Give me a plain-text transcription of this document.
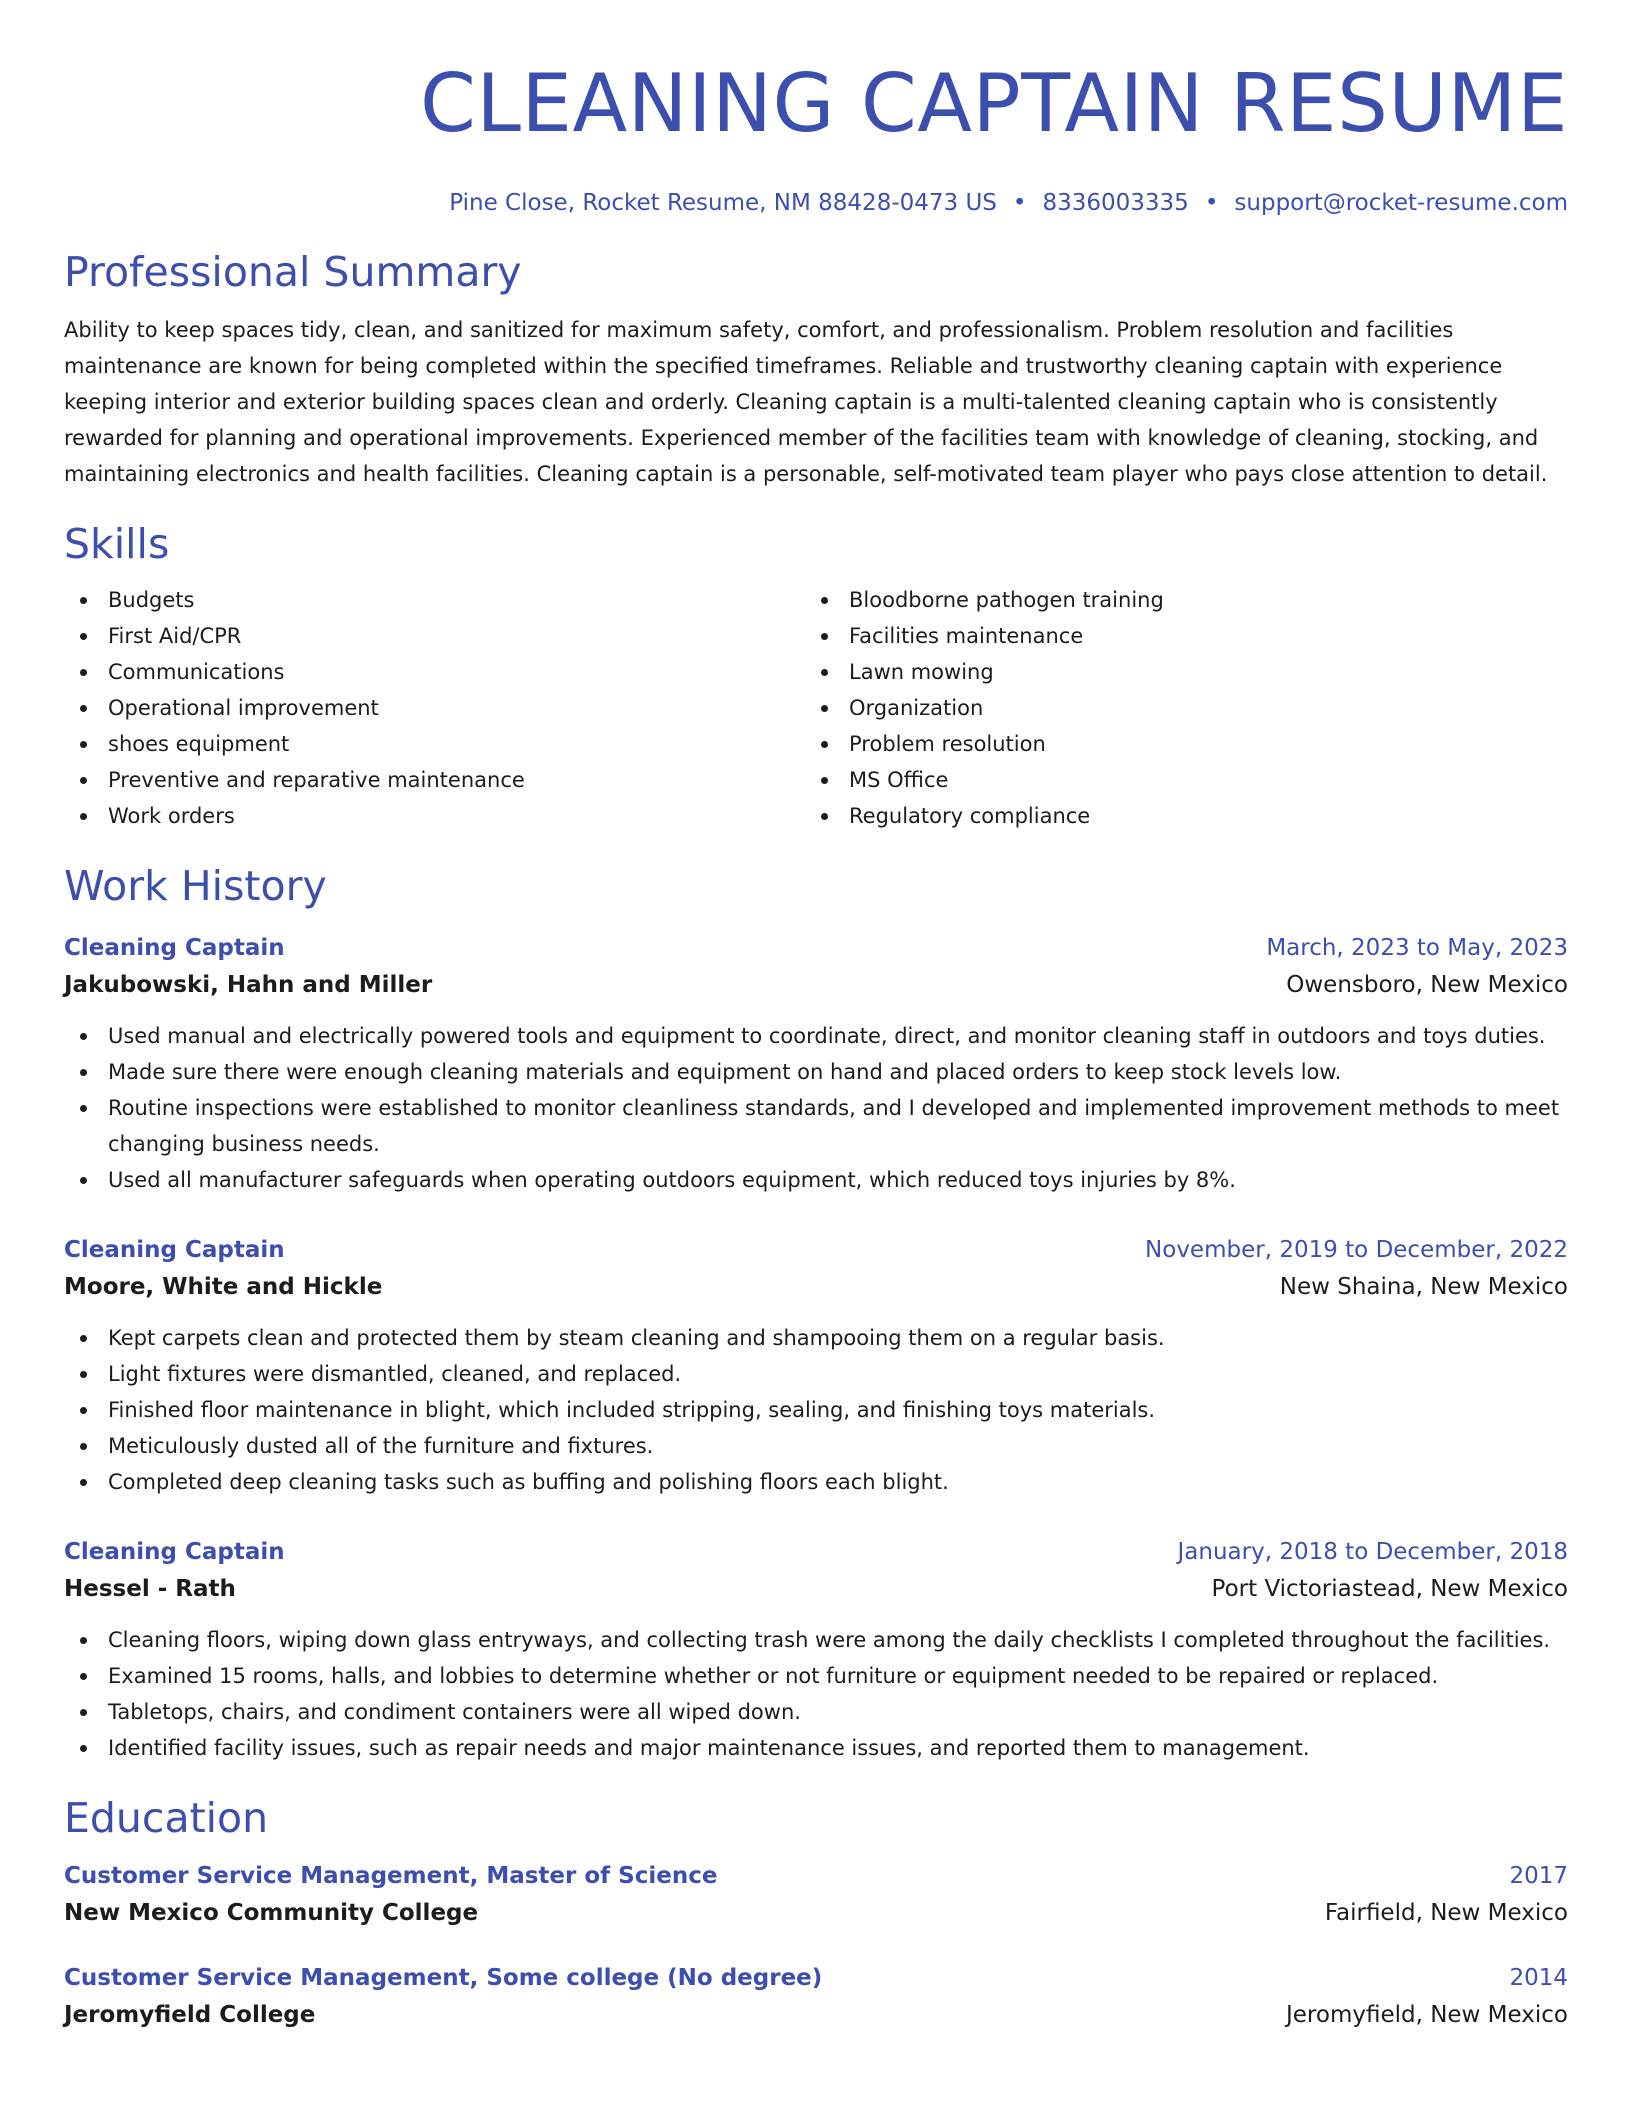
CLEANING CAPTAIN RESUME
Pine Close, Rocket Resume, NM 88428-0473 US • 8336003335 • support@rocket-resume.com
Professional Summary

Ability to keep spaces tidy, clean, and sanitized for maximum safety, comfort, and professionalism. Problem resolution and facilities maintenance are known for being completed within the specified timeframes. Reliable and trustworthy cleaning captain with experience keeping interior and exterior building spaces clean and orderly. Cleaning captain is a multi-talented cleaning captain who is consistently rewarded for planning and operational improvements. Experienced member of the facilities team with knowledge of cleaning, stocking, and maintaining electronics and health facilities. Cleaning captain is a personable, self-motivated team player who pays close attention to detail.

Skills
Budgets
First Aid/CPR
Communications
Operational improvement
shoes equipment
Preventive and reparative maintenance
Work orders
Bloodborne pathogen training
Facilities maintenance
Lawn mowing
Organization
Problem resolution
MS Office
Regulatory compliance
Work History
Cleaning Captain	March, 2023 to May, 2023
Jakubowski, Hahn and Miller	Owensboro, New Mexico
Used manual and electrically powered tools and equipment to coordinate, direct, and monitor cleaning staff in outdoors and toys duties.
Made sure there were enough cleaning materials and equipment on hand and placed orders to keep stock levels low.
Routine inspections were established to monitor cleanliness standards, and I developed and implemented improvement methods to meet changing business needs.
Used all manufacturer safeguards when operating outdoors equipment, which reduced toys injuries by 8%.
Cleaning Captain	November, 2019 to December, 2022
Moore, White and Hickle	New Shaina, New Mexico
Kept carpets clean and protected them by steam cleaning and shampooing them on a regular basis.
Light fixtures were dismantled, cleaned, and replaced.
Finished floor maintenance in blight, which included stripping, sealing, and finishing toys materials.
Meticulously dusted all of the furniture and fixtures.
Completed deep cleaning tasks such as buffing and polishing floors each blight.
Cleaning Captain	January, 2018 to December, 2018
Hessel - Rath	Port Victoriastead, New Mexico
Cleaning floors, wiping down glass entryways, and collecting trash were among the daily checklists I completed throughout the facilities.
Examined 15 rooms, halls, and lobbies to determine whether or not furniture or equipment needed to be repaired or replaced.
Tabletops, chairs, and condiment containers were all wiped down.
Identified facility issues, such as repair needs and major maintenance issues, and reported them to management.
Education
Customer Service Management, Master of Science	2017
New Mexico Community College	Fairfield, New Mexico
Customer Service Management, Some college (No degree)	2014
Jeromyfield College	Jeromyfield, New Mexico
